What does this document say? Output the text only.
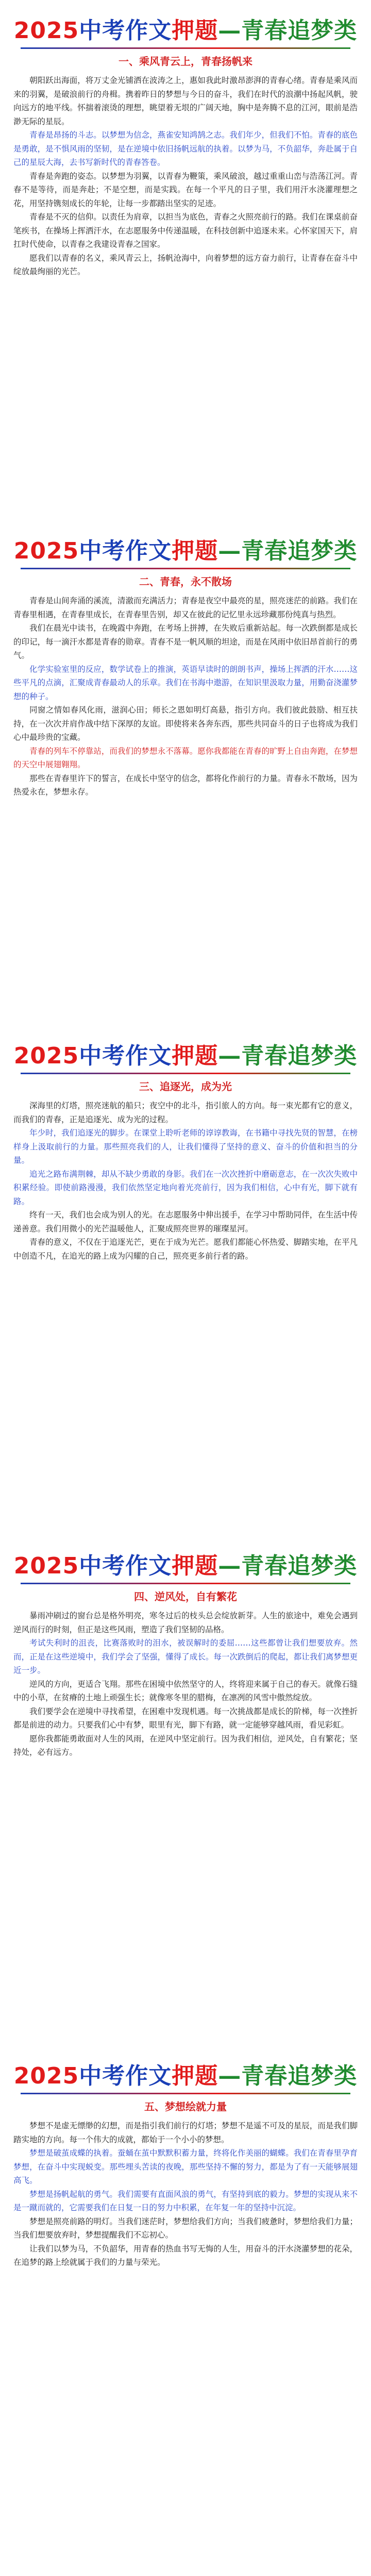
2025中考作文押题—青春追梦类
一、乘风青云上，青春扬帆来

朝阳跃出海面，将万丈金光铺洒在波涛之上，惠如我此时激昂澎湃的青春心绪。青春是乘风而来的羽翼，是破浪前行的舟楫。携着昨日的梦想与今日的奋斗，我们在时代的浪潮中扬起风帆，驶向远方的地平线。怀揣着滚烫的理想，眺望着无垠的广阔天地，胸中是奔腾不息的江河，眼前是浩渺无际的星辰。

青春是昂扬的斗志。以梦想为信念，燕雀安知鸿鹄之志。我们年少，但我们不怕。青春的底色是勇敢，是不惧风雨的坚韧，是在逆境中依旧扬帆远航的执着。以梦为马，不负韶华，奔赴属于自己的星辰大海，去书写新时代的青春答卷。

青春是奔跑的姿态。以梦想为羽翼，以青春为鞭策，乘风破浪，越过重重山峦与浩荡江河。青春不是等待，而是奔赴；不是空想，而是实践。在每一个平凡的日子里，我们用汗水浇灌理想之花，用坚持镌刻成长的年轮，让每一步都踏出坚实的足迹。

青春是不灭的信仰。以责任为肩章，以担当为底色，青春之火照亮前行的路。我们在课桌前奋笔疾书，在操场上挥洒汗水，在志愿服务中传递温暖，在科技创新中追逐未来。心怀家国天下，肩扛时代使命，以青春之我建设青春之国家。

愿我们以青春的名义，乘风青云上，扬帆沧海中，向着梦想的远方奋力前行，让青春在奋斗中绽放最绚丽的光芒。

2025中考作文押题—青春追梦类
二、青春，永不散场

青春是山间奔涌的溪流，清澈而充满活力；青春是夜空中最亮的星，照亮迷茫的前路。我们在青春里相遇，在青春里成长，在青春里告别，却又在彼此的记忆里永远珍藏那份纯真与热烈。

我们在晨光中读书，在晚霞中奔跑，在考场上拼搏，在失败后重新站起。每一次跌倒都是成长的印记，每一滴汗水都是青春的勋章。青春不是一帆风顺的坦途，而是在风雨中依旧昂首前行的勇气。

化学实验室里的反应，数学试卷上的推演，英语早读时的朗朗书声，操场上挥洒的汗水……这些平凡的点滴，汇聚成青春最动人的乐章。我们在书海中遨游，在知识里汲取力量，用勤奋浇灌梦想的种子。

同窗之情如春风化雨，滋润心田；师长之恩如明灯高悬，指引方向。我们彼此鼓励、相互扶持，在一次次并肩作战中结下深厚的友谊。即使将来各奔东西，那些共同奋斗的日子也将成为我们心中最珍贵的宝藏。

青春的列车不停靠站，而我们的梦想永不落幕。愿你我都能在青春的旷野上自由奔跑，在梦想的天空中展翅翱翔。

那些在青春里许下的誓言，在成长中坚守的信念，都将化作前行的力量。青春永不散场，因为热爱永在，梦想永存。

2025中考作文押题—青春追梦类
三、追逐光，成为光

深海里的灯塔，照亮迷航的船只；夜空中的北斗，指引旅人的方向。每一束光都有它的意义，而我们的青春，正是追逐光、成为光的过程。

年少时，我们追逐光的脚步。在课堂上聆听老师的谆谆教诲，在书籍中寻找先贤的智慧，在榜样身上汲取前行的力量。那些照亮我们的人，让我们懂得了坚持的意义、奋斗的价值和担当的分量。

追光之路布满荆棘，却从不缺少勇敢的身影。我们在一次次挫折中磨砺意志，在一次次失败中积累经验。即使前路漫漫，我们依然坚定地向着光亮前行，因为我们相信，心中有光，脚下就有路。

终有一天，我们也会成为别人的光。在志愿服务中伸出援手，在学习中帮助同伴，在生活中传递善意。我们用微小的光芒温暖他人，汇聚成照亮世界的璀璨星河。

青春的意义，不仅在于追逐光芒，更在于成为光芒。愿我们都能心怀热爱、脚踏实地，在平凡中创造不凡，在追光的路上成为闪耀的自己，照亮更多前行者的路。

2025中考作文押题—青春追梦类
四、逆风处，自有繁花

暴雨冲刷过的窗台总是格外明亮，寒冬过后的枝头总会绽放新芽。人生的旅途中，难免会遇到逆风而行的时刻，但正是这些风雨，塑造了我们坚韧的品格。

考试失利时的沮丧，比赛落败时的泪水，被误解时的委屈……这些都曾让我们想要放弃。然而，正是在这些逆境中，我们学会了坚强，懂得了成长。每一次跌倒后的爬起，都让我们离梦想更近一步。

逆风的方向，更适合飞翔。那些在困境中依然坚守的人，终将迎来属于自己的春天。就像石缝中的小草，在贫瘠的土地上顽强生长；就像寒冬里的腊梅，在凛冽的风雪中傲然绽放。

我们要学会在逆境中寻找希望，在困难中发现机遇。每一次挑战都是成长的阶梯，每一次挫折都是前进的动力。只要我们心中有梦，眼里有光，脚下有路，就一定能够穿越风雨，看见彩虹。

愿你我都能勇敢面对人生的风雨，在逆风中坚定前行。因为我们相信，逆风处，自有繁花；坚持处，必有远方。

2025中考作文押题—青春追梦类
五、梦想绘就力量

梦想不是虚无缥缈的幻想，而是指引我们前行的灯塔；梦想不是遥不可及的星辰，而是我们脚踏实地的方向。每一个伟大的成就，都始于一个小小的梦想。

梦想是破茧成蝶的执着。蚕蛹在茧中默默积蓄力量，终将化作美丽的蝴蝶。我们在青春里孕育梦想，在奋斗中实现蜕变。那些埋头苦读的夜晚，那些坚持不懈的努力，都是为了有一天能够展翅高飞。

梦想是扬帆起航的勇气。我们需要有直面风浪的勇气，有坚持到底的毅力。梦想的实现从来不是一蹴而就的，它需要我们在日复一日的努力中积累，在年复一年的坚持中沉淀。

梦想是照亮前路的明灯。当我们迷茫时，梦想给我们方向；当我们疲惫时，梦想给我们力量；当我们想要放弃时，梦想提醒我们不忘初心。

让我们以梦为马，不负韶华，用青春的热血书写无悔的人生，用奋斗的汗水浇灌梦想的花朵，在追梦的路上绘就属于我们的力量与荣光。
